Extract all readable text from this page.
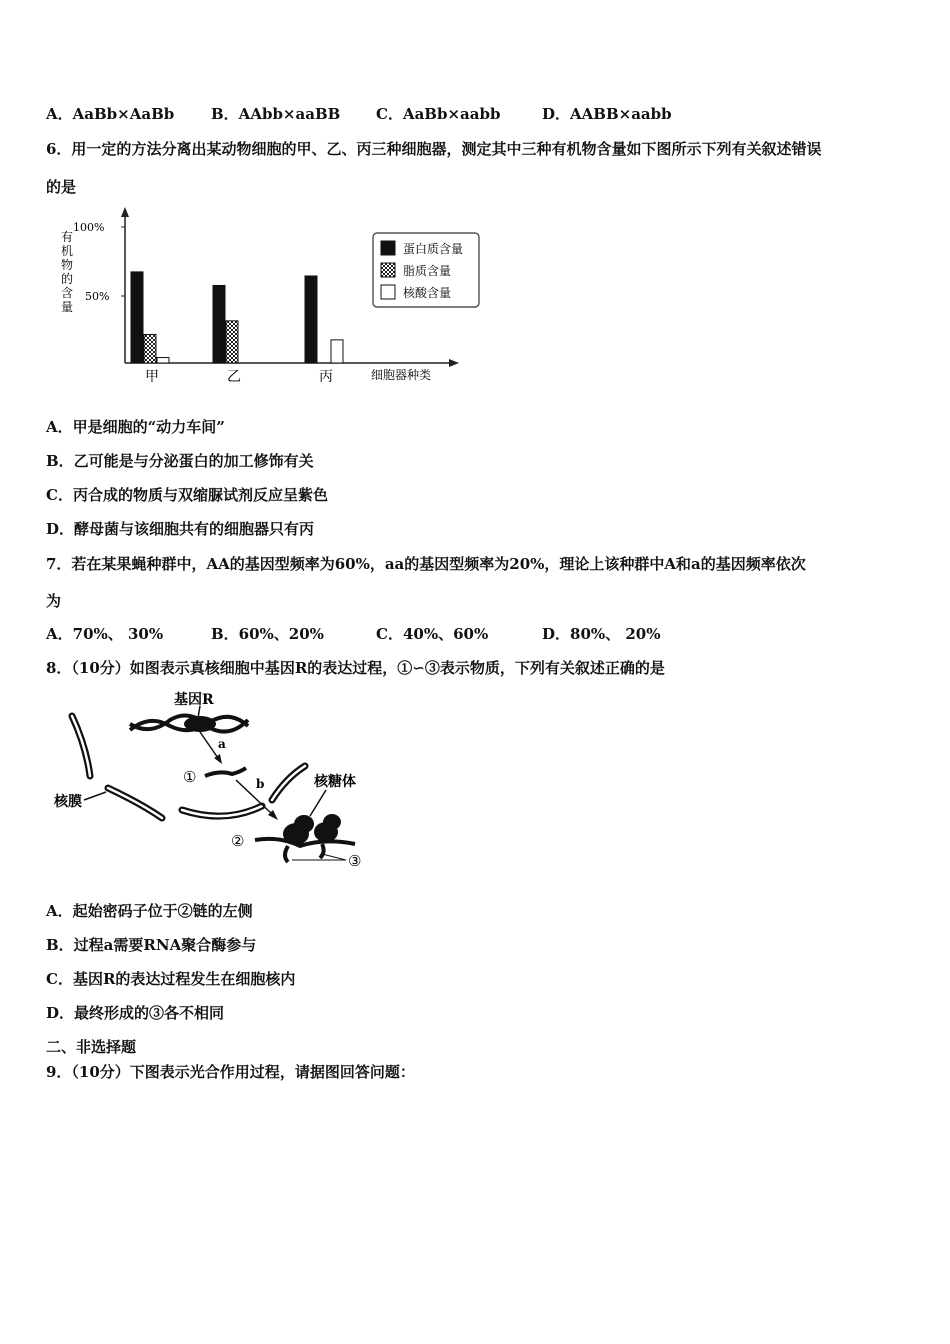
A．AaBb×AaBb B．AAbb×aaBB C．AaBb×aabb	D．AABB×aabb
6．用一定的方法分离出某动物细胞的甲、乙、丙三种细胞器，测定其中三种有机物含量如下图所示下列有关叙述错误
的是
100%
50%
有
机
物
的
含
量
甲	乙	丙	细胞器种类
蛋白质含量
脂质含量
核酸含量
A．甲是细胞的“动力车间”
B．乙可能是与分泌蛋白的加工修饰有关
C．丙合成的物质与双缩脲试剂反应呈紫色
D．酵母菌与该细胞共有的细胞器只有丙
7．若在某果蝇种群中，AA的基因型频率为60%，aa的基因型频率为20%，理论上该种群中A和a的基因频率依次
为
A．70%、 30%	B．60%、20%	C．40%、60%	D．80%、 20%
8．（10分）如图表示真核细胞中基因R的表达过程，①∽③表示物质，下列有关叙述正确的是
基因R
a
①	b	核糖体
②
③
核膜
A．起始密码子位于②链的左侧
B．过程a需要RNA聚合酶参与
C．基因R的表达过程发生在细胞核内
D．最终形成的③各不相同
二、非选择题
9．（10分）下图表示光合作用过程，请据图回答问题：
